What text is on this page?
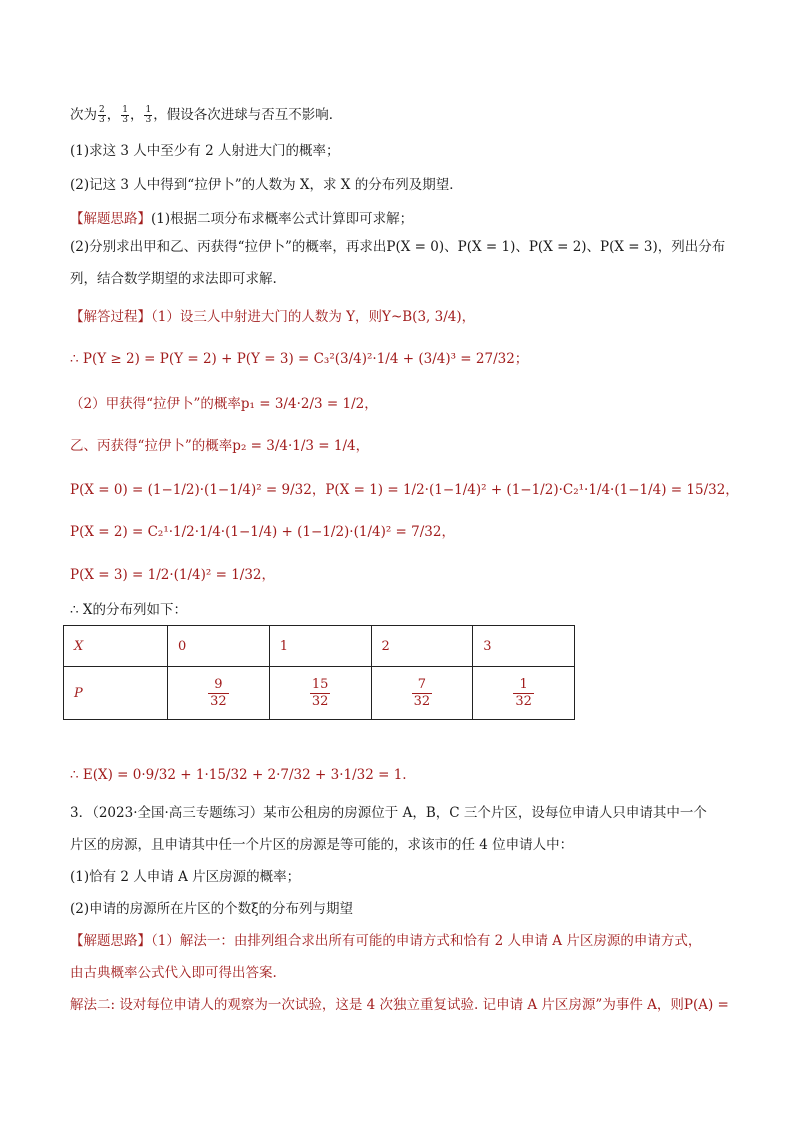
次为 $\frac{2}{3}$ ， $\frac{1}{3}$ ， $\frac{1}{3}$ ，假设各次进球与否互不影响．
(1)求这 3 人中至少有 2 人射进大门的概率；
(2)记这 3 人中得到“拉伊卜”的人数为 X，求 X 的分布列及期望．
【解题思路】(1)根据二项分布求概率公式计算即可求解；
(2)分别求出甲和乙、丙获得“拉伊卜”的概率，再求出P(X = 0)、P(X = 1)、P(X = 2)、P(X = 3)，列出分布
列，结合数学期望的求法即可求解.
【解答过程】（1）设三人中射进大门的人数为 Y，则Y~B(3, 3/4)，
∴ P(Y ≥ 2) = P(Y = 2) + P(Y = 3) = C₃²(3/4)²·1/4 + (3/4)³ = 27/32；
（2）甲获得“拉伊卜”的概率p₁ = 3/4·2/3 = 1/2，
乙、丙获得“拉伊卜”的概率p₂ = 3/4·1/3 = 1/4，
P(X = 0) = (1−1/2)·(1−1/4)² = 9/32，P(X = 1) = 1/2·(1−1/4)² + (1−1/2)·C₂¹·1/4·(1−1/4) = 15/32，
P(X = 2) = C₂¹·1/2·1/4·(1−1/4) + (1−1/2)·(1/4)² = 7/32，
P(X = 3) = 1/2·(1/4)² = 1/32，
∴ X的分布列如下：
X	0	1	2	3
P	$\frac{9}{32}$	$\frac{15}{32}$	$\frac{7}{32}$	$\frac{1}{32}$
∴ E(X) = 0·9/32 + 1·15/32 + 2·7/32 + 3·1/32 = 1.
3．（2023·全国·高三专题练习）某市公租房的房源位于 A，B，C 三个片区，设每位申请人只申请其中一个
片区的房源，且申请其中任一个片区的房源是等可能的，求该市的任 4 位申请人中：
(1)恰有 2 人申请 A 片区房源的概率；
(2)申请的房源所在片区的个数ξ的分布列与期望
【解题思路】（1）解法一：由排列组合求出所有可能的申请方式和恰有 2 人申请 A 片区房源的申请方式，
由古典概率公式代入即可得出答案.
解法二: 设对每位申请人的观察为一次试验，这是 4 次独立重复试验. 记申请 A 片区房源”为事件 A，则P(A) =
